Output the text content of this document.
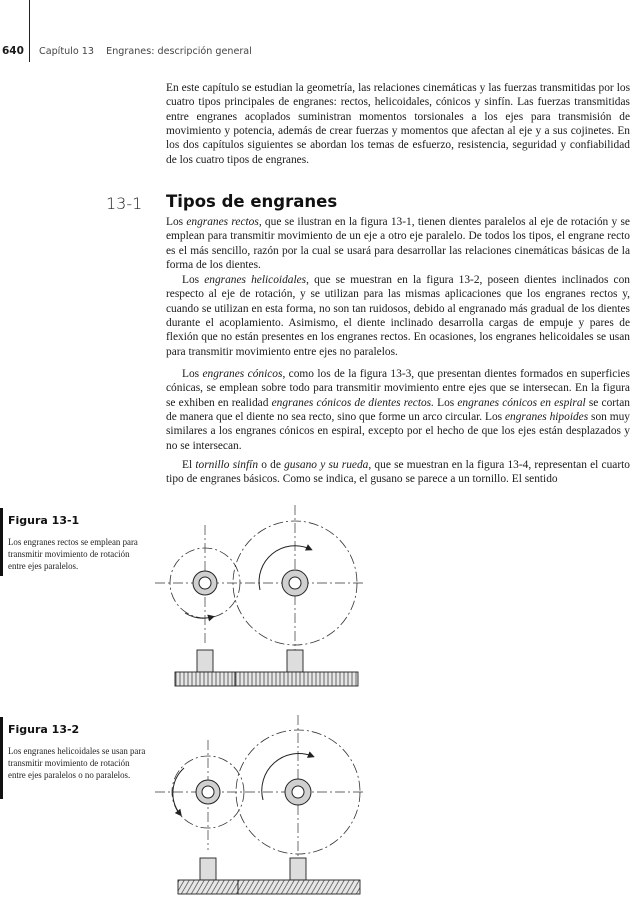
640 Capítulo 13    Engranes: descripción general

En este capítulo se estudian la geometría, las relaciones cinemáticas y las fuerzas transmitidas por los cuatro tipos principales de engranes: rectos, helicoidales, cónicos y sinfín. Las fuerzas transmitidas entre engranes acoplados suministran momentos torsionales a los ejes para transmisión de movimiento y potencia, además de crear fuerzas y momentos que afectan al eje y a sus cojinetes. En los dos capítulos siguientes se abordan los temas de esfuerzo, resistencia, seguridad y confiabilidad de los cuatro tipos de engranes.

13-1 Tipos de engranes

Los engranes rectos, que se ilustran en la figura 13-1, tienen dientes paralelos al eje de rotación y se emplean para transmitir movimiento de un eje a otro eje paralelo. De todos los tipos, el engrane recto es el más sencillo, razón por la cual se usará para desarrollar las relaciones cinemáticas básicas de la forma de los dientes.

Los engranes helicoidales, que se muestran en la figura 13-2, poseen dientes inclinados con respecto al eje de rotación, y se utilizan para las mismas aplicaciones que los engranes rectos y, cuando se utilizan en esta forma, no son tan ruidosos, debido al engranado más gradual de los dientes durante el acoplamiento. Asimismo, el diente inclinado desarrolla cargas de empuje y pares de flexión que no están presentes en los engranes rectos. En ocasiones, los engranes helicoidales se usan para transmitir movimiento entre ejes no paralelos.

Los engranes cónicos, como los de la figura 13-3, que presentan dientes formados en superficies cónicas, se emplean sobre todo para transmitir movimiento entre ejes que se intersecan. En la figura se exhiben en realidad engranes cónicos de dientes rectos. Los engranes cónicos en espiral se cortan de manera que el diente no sea recto, sino que forme un arco circular. Los engranes hipoides son muy similares a los engranes cónicos en espiral, excepto por el hecho de que los ejes están desplazados y no se intersecan.

El tornillo sinfín o de gusano y su rueda, que se muestran en la figura 13-4, representan el cuarto tipo de engranes básicos. Como se indica, el gusano se parece a un tornillo. El sentido

Figura 13-1
Los engranes rectos se emplean para transmitir movimiento de rotación entre ejes paralelos.
Figura 13-2
Los engranes helicoidales se usan para transmitir movimiento de rotación entre ejes paralelos o no paralelos.
